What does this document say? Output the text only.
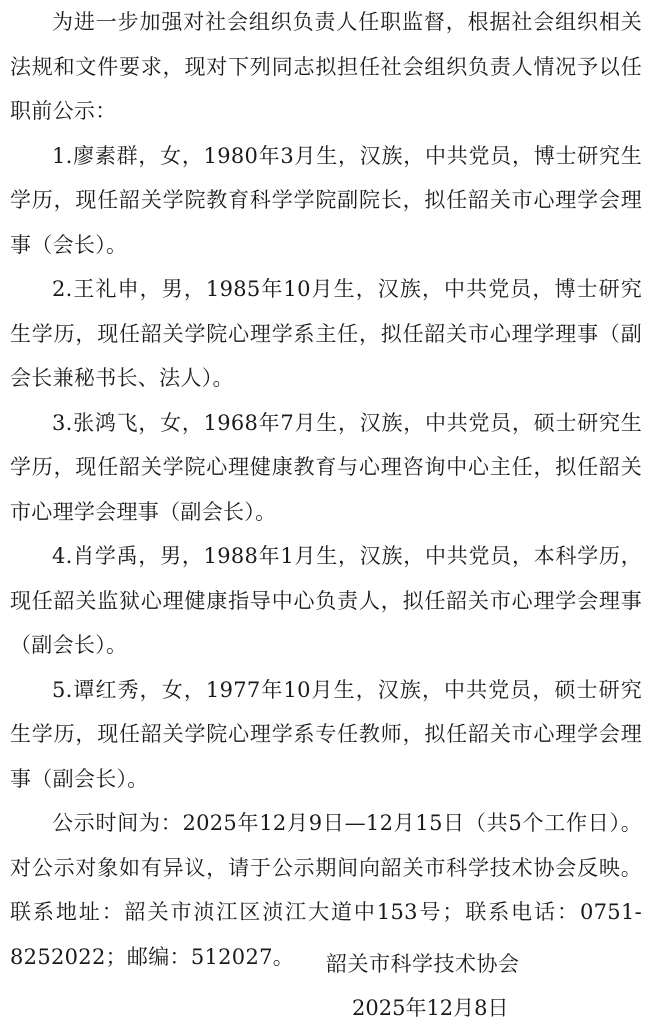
为进一步加强对社会组织负责人任职监督，根据社会组织相关法规和文件要求，现对下列同志拟担任社会组织负责人情况予以任职前公示：

1.廖素群，女，1980年3月生，汉族，中共党员，博士研究生学历，现任韶关学院教育科学学院副院长，拟任韶关市心理学会理事（会长）。

2.王礼申，男，1985年10月生，汉族，中共党员，博士研究生学历，现任韶关学院心理学系主任，拟任韶关市心理学理事（副会长兼秘书长、法人）。

3.张鸿飞，女，1968年7月生，汉族，中共党员，硕士研究生学历，现任韶关学院心理健康教育与心理咨询中心主任，拟任韶关市心理学会理事（副会长）。

4.肖学禹，男，1988年1月生，汉族，中共党员，本科学历，现任韶关监狱心理健康指导中心负责人，拟任韶关市心理学会理事（副会长）。

5.谭红秀，女，1977年10月生，汉族，中共党员，硕士研究生学历，现任韶关学院心理学系专任教师，拟任韶关市心理学会理事（副会长）。

公示时间为：2025年12月9日—12月15日（共5个工作日）。对公示对象如有异议，请于公示期间向韶关市科学技术协会反映。联系地址：韶关市浈江区浈江大道中153号；联系电话：0751-8252022；邮编：512027。	韶关市科学技术协会
2025年12月8日
